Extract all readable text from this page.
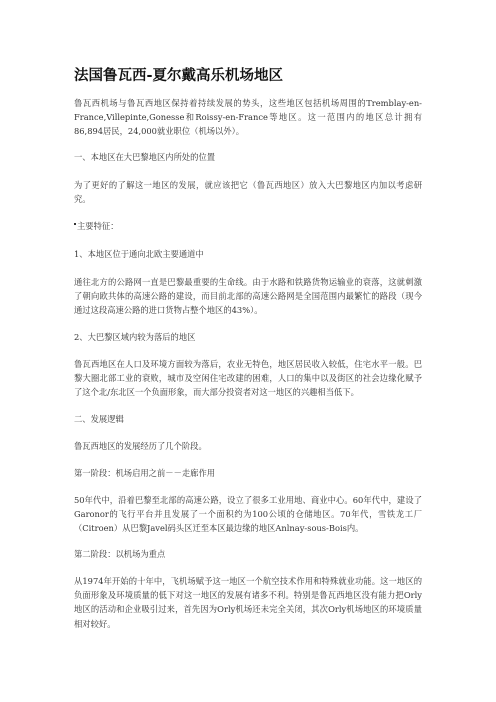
法国鲁瓦西-夏尔戴高乐机场地区
鲁瓦西机场与鲁瓦西地区保持着持续发展的势头，这些地区包括机场周围的Tremblay-en-France,Villepinte,Gonesse和Roissy-en-France等地区。这一范围内的地区总计拥有86,894居民，24,000就业职位（机场以外）。
一、本地区在大巴黎地区内所处的位置
为了更好的了解这一地区的发展，就应该把它（鲁瓦西地区）放入大巴黎地区内加以考虑研究。
主要特征：
1、本地区位于通向北欧主要通道中
通往北方的公路网一直是巴黎最重要的生命线。由于水路和铁路货物运输业的衰落，这就刺激了朝向欧共体的高速公路的建设，而目前北部的高速公路网是全国范围内最繁忙的路段（现今通过这段高速公路的进口货物占整个地区的43%）。
2、大巴黎区域内较为落后的地区
鲁瓦西地区在人口及环境方面较为落后，农业无特色，地区居民收入较低，住宅水平一般。巴黎大圈北部工业的衰败，城市及空闲住宅改建的困难，人口的集中以及街区的社会边缘化赋予了这个北/东北区一个负面形象，而大部分投资者对这一地区的兴趣相当低下。
二、发展逻辑
鲁瓦西地区的发展经历了几个阶段。
第一阶段：机场启用之前－－走廊作用
50年代中，沿着巴黎至北部的高速公路，设立了很多工业用地、商业中心。60年代中，建设了Garonor的飞行平台并且发展了一个面积约为100公顷的仓储地区。70年代，雪铁龙工厂（Citroen）从巴黎Javel码头区迁至本区最边缘的地区Anlnay-sous-Bois内。
第二阶段：以机场为重点
从1974年开始的十年中，飞机场赋予这一地区一个航空技术作用和特殊就业功能。这一地区的负面形象及环境质量的低下对这一地区的发展有诸多不利。特别是鲁瓦西地区没有能力把Orly地区的活动和企业吸引过来，首先因为Orly机场还未完全关闭，其次Orly机场地区的环境质量相对较好。
